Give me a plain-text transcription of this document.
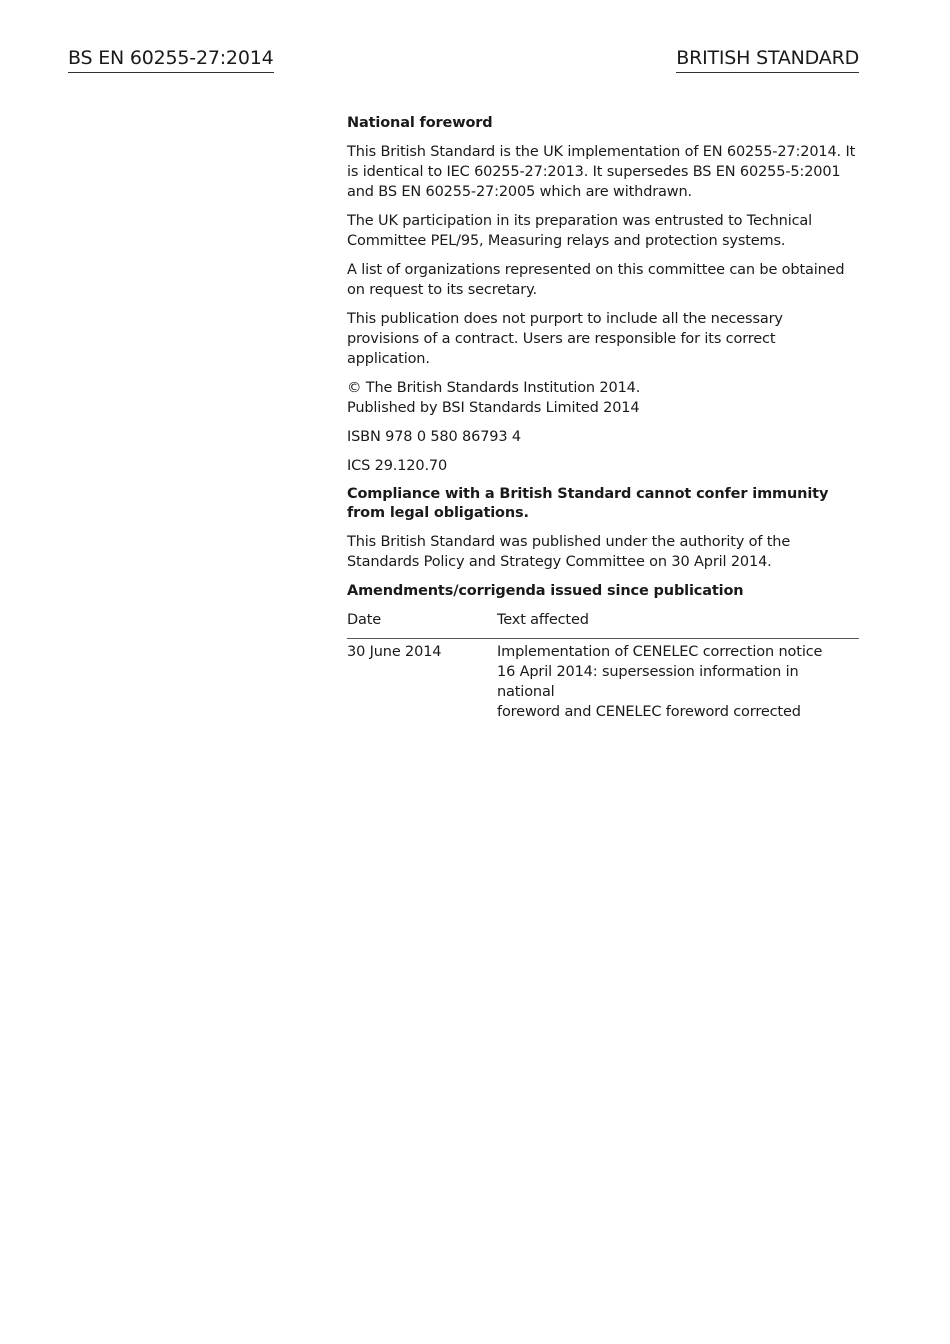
BS EN 60255-27:2014	BRITISH STANDARD

National foreword

This British Standard is the UK implementation of EN 60255-27:2014. It is identical to IEC 60255-27:2013. It supersedes BS EN 60255-5:2001 and BS EN 60255-27:2005 which are withdrawn.

The UK participation in its preparation was entrusted to Technical Committee PEL/95, Measuring relays and protection systems.

A list of organizations represented on this committee can be obtained on request to its secretary.

This publication does not purport to include all the necessary provisions of a contract. Users are responsible for its correct application.

© The British Standards Institution 2014.
Published by BSI Standards Limited 2014

ISBN 978 0 580 86793 4

ICS 29.120.70

Compliance with a British Standard cannot confer immunity from legal obligations.

This British Standard was published under the authority of the Standards Policy and Strategy Committee on 30 April 2014.

Amendments/corrigenda issued since publication

Date	Text affected
30 June 2014	Implementation of CENELEC correction notice
16 April 2014: supersession information in national
foreword and CENELEC foreword corrected
